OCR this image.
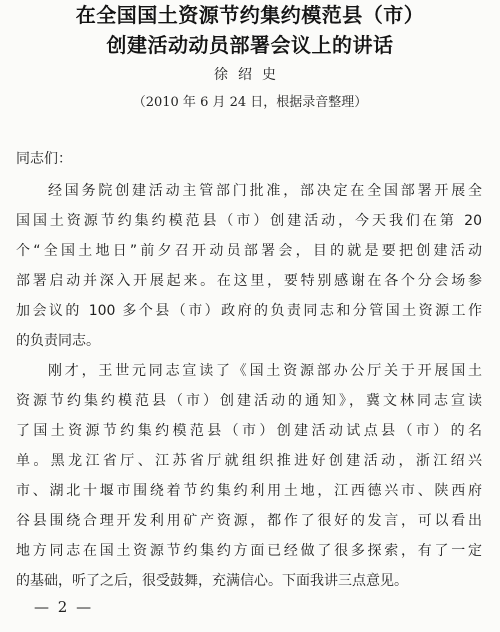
在全国国土资源节约集约模范县（市）
创建活动动员部署会议上的讲话
徐绍史
（2010 年 6 月 24 日，根据录音整理）
同志们：
经国务院创建活动主管部门批准，部决定在全国部署开展全
国国土资源节约集约模范县（市）创建活动，今天我们在第 20
个“全国土地日”前夕召开动员部署会，目的就是要把创建活动
部署启动并深入开展起来。在这里，要特别感谢在各个分会场参
加会议的 100 多个县（市）政府的负责同志和分管国土资源工作
的负责同志。
刚才，王世元同志宣读了《国土资源部办公厅关于开展国土
资源节约集约模范县（市）创建活动的通知》，冀文林同志宣读
了国土资源节约集约模范县（市）创建活动试点县（市）的名
单。黑龙江省厅、江苏省厅就组织推进好创建活动，浙江绍兴
市、湖北十堰市围绕着节约集约利用土地，江西德兴市、陕西府
谷县围绕合理开发利用矿产资源，都作了很好的发言，可以看出
地方同志在国土资源节约集约方面已经做了很多探索，有了一定
的基础，听了之后，很受鼓舞，充满信心。下面我讲三点意见。
— 2 —
